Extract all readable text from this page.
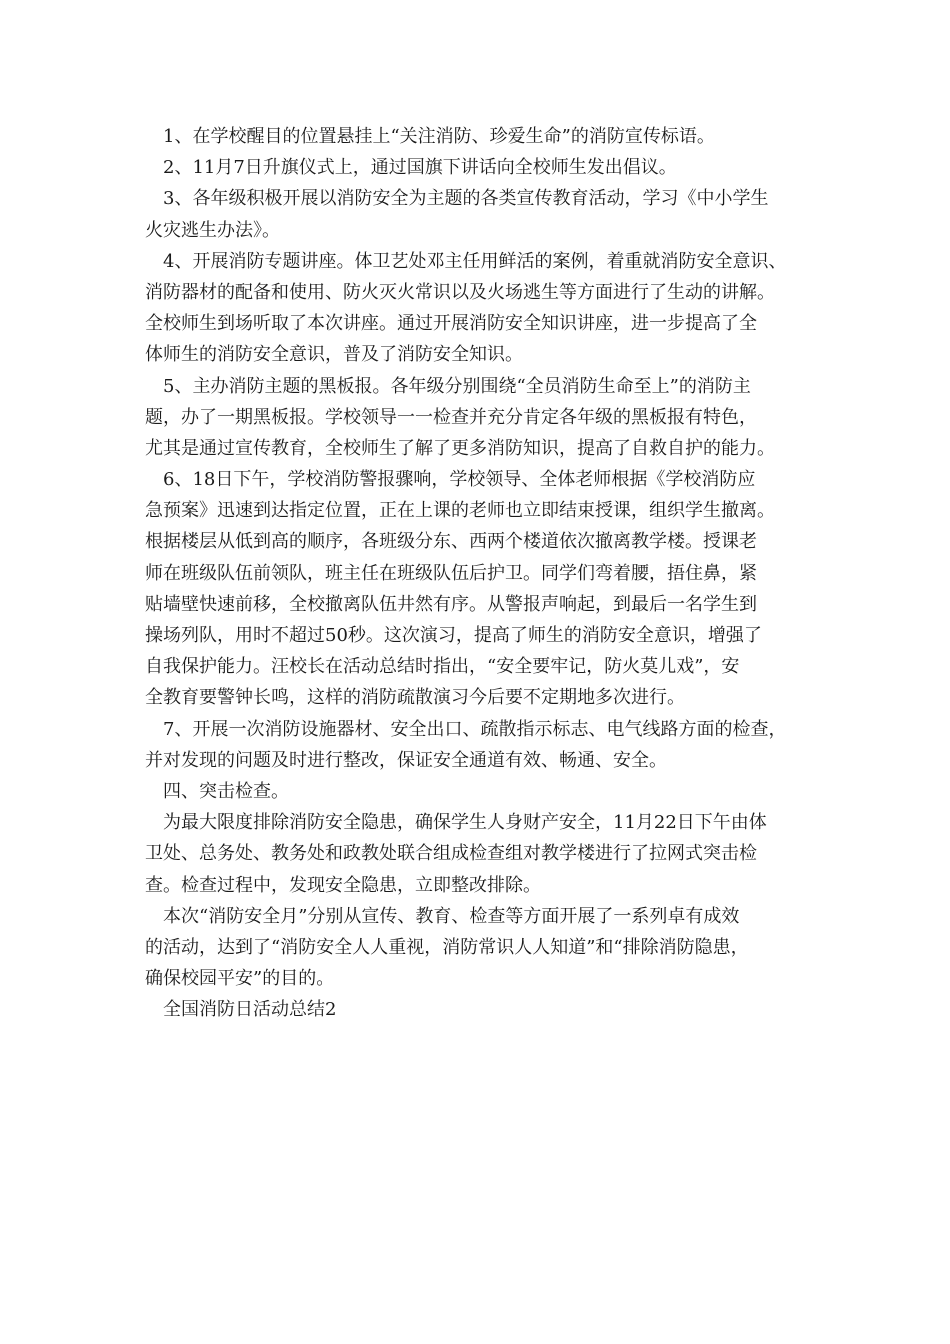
1、在学校醒目的位置悬挂上“关注消防、珍爱生命”的消防宣传标语。
2、11月7日升旗仪式上，通过国旗下讲话向全校师生发出倡议。
3、各年级积极开展以消防安全为主题的各类宣传教育活动，学习《中小学生
火灾逃生办法》。
4、开展消防专题讲座。体卫艺处邓主任用鲜活的案例，着重就消防安全意识、
消防器材的配备和使用、防火灭火常识以及火场逃生等方面进行了生动的讲解。
全校师生到场听取了本次讲座。通过开展消防安全知识讲座，进一步提高了全
体师生的消防安全意识，普及了消防安全知识。
5、主办消防主题的黑板报。各年级分别围绕“全员消防生命至上”的消防主
题，办了一期黑板报。学校领导一一检查并充分肯定各年级的黑板报有特色，
尤其是通过宣传教育，全校师生了解了更多消防知识，提高了自救自护的能力。
6、18日下午，学校消防警报骤响，学校领导、全体老师根据《学校消防应
急预案》迅速到达指定位置，正在上课的老师也立即结束授课，组织学生撤离。
根据楼层从低到高的顺序，各班级分东、西两个楼道依次撤离教学楼。授课老
师在班级队伍前领队，班主任在班级队伍后护卫。同学们弯着腰，捂住鼻，紧
贴墙壁快速前移，全校撤离队伍井然有序。从警报声响起，到最后一名学生到
操场列队，用时不超过50秒。这次演习，提高了师生的消防安全意识，增强了
自我保护能力。汪校长在活动总结时指出，“安全要牢记，防火莫儿戏”，安
全教育要警钟长鸣，这样的消防疏散演习今后要不定期地多次进行。
7、开展一次消防设施器材、安全出口、疏散指示标志、电气线路方面的检查，
并对发现的问题及时进行整改，保证安全通道有效、畅通、安全。
四、突击检查。
为最大限度排除消防安全隐患，确保学生人身财产安全，11月22日下午由体
卫处、总务处、教务处和政教处联合组成检查组对教学楼进行了拉网式突击检
查。检查过程中，发现安全隐患，立即整改排除。
本次“消防安全月”分别从宣传、教育、检查等方面开展了一系列卓有成效
的活动，达到了“消防安全人人重视，消防常识人人知道”和“排除消防隐患，
确保校园平安”的目的。
全国消防日活动总结2
